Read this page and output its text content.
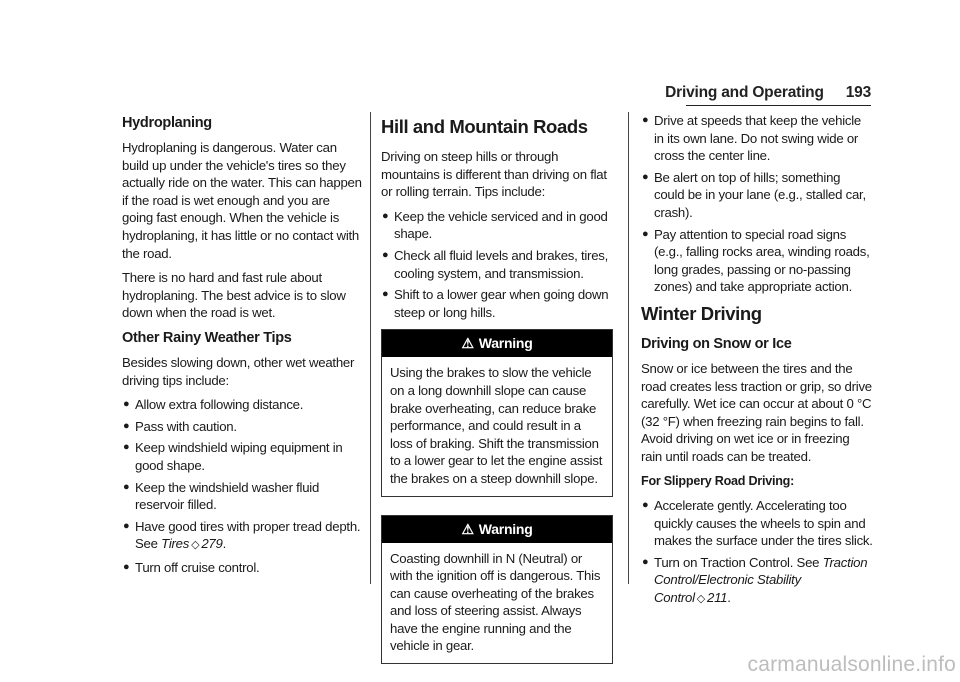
Driving and Operating 193
Hydroplaning

Hydroplaning is dangerous. Water can build up under the vehicle's tires so they actually ride on the water. This can happen if the road is wet enough and you are going fast enough. When the vehicle is hydroplaning, it has little or no contact with the road.

There is no hard and fast rule about hydroplaning. The best advice is to slow down when the road is wet.

Other Rainy Weather Tips

Besides slowing down, other wet weather driving tips include:

● Allow extra following distance.
● Pass with caution.
● Keep windshield wiping equipment in good shape.
● Keep the windshield washer fluid reservoir filled.
● Have good tires with proper tread depth. See Tires ◇ 279.
● Turn off cruise control.
Hill and Mountain Roads

Driving on steep hills or through mountains is different than driving on flat or rolling terrain. Tips include:

● Keep the vehicle serviced and in good shape.
● Check all fluid levels and brakes, tires, cooling system, and transmission.
● Shift to a lower gear when going down steep or long hills.
⚠ Warning
Using the brakes to slow the vehicle on a long downhill slope can cause brake overheating, can reduce brake performance, and could result in a loss of braking. Shift the transmission to a lower gear to let the engine assist the brakes on a steep downhill slope.
⚠ Warning
Coasting downhill in N (Neutral) or with the ignition off is dangerous. This can cause overheating of the brakes and loss of steering assist. Always have the engine running and the vehicle in gear.
● Drive at speeds that keep the vehicle in its own lane. Do not swing wide or cross the center line.
● Be alert on top of hills; something could be in your lane (e.g., stalled car, crash).
● Pay attention to special road signs (e.g., falling rocks area, winding roads, long grades, passing or no-passing zones) and take appropriate action.
Winter Driving
Driving on Snow or Ice

Snow or ice between the tires and the road creates less traction or grip, so drive carefully. Wet ice can occur at about 0 °C (32 °F) when freezing rain begins to fall. Avoid driving on wet ice or in freezing rain until roads can be treated.

For Slippery Road Driving:

● Accelerate gently. Accelerating too quickly causes the wheels to spin and makes the surface under the tires slick.
● Turn on Traction Control. See Traction Control/Electronic Stability Control ◇ 211.
carmanualsonline.info
